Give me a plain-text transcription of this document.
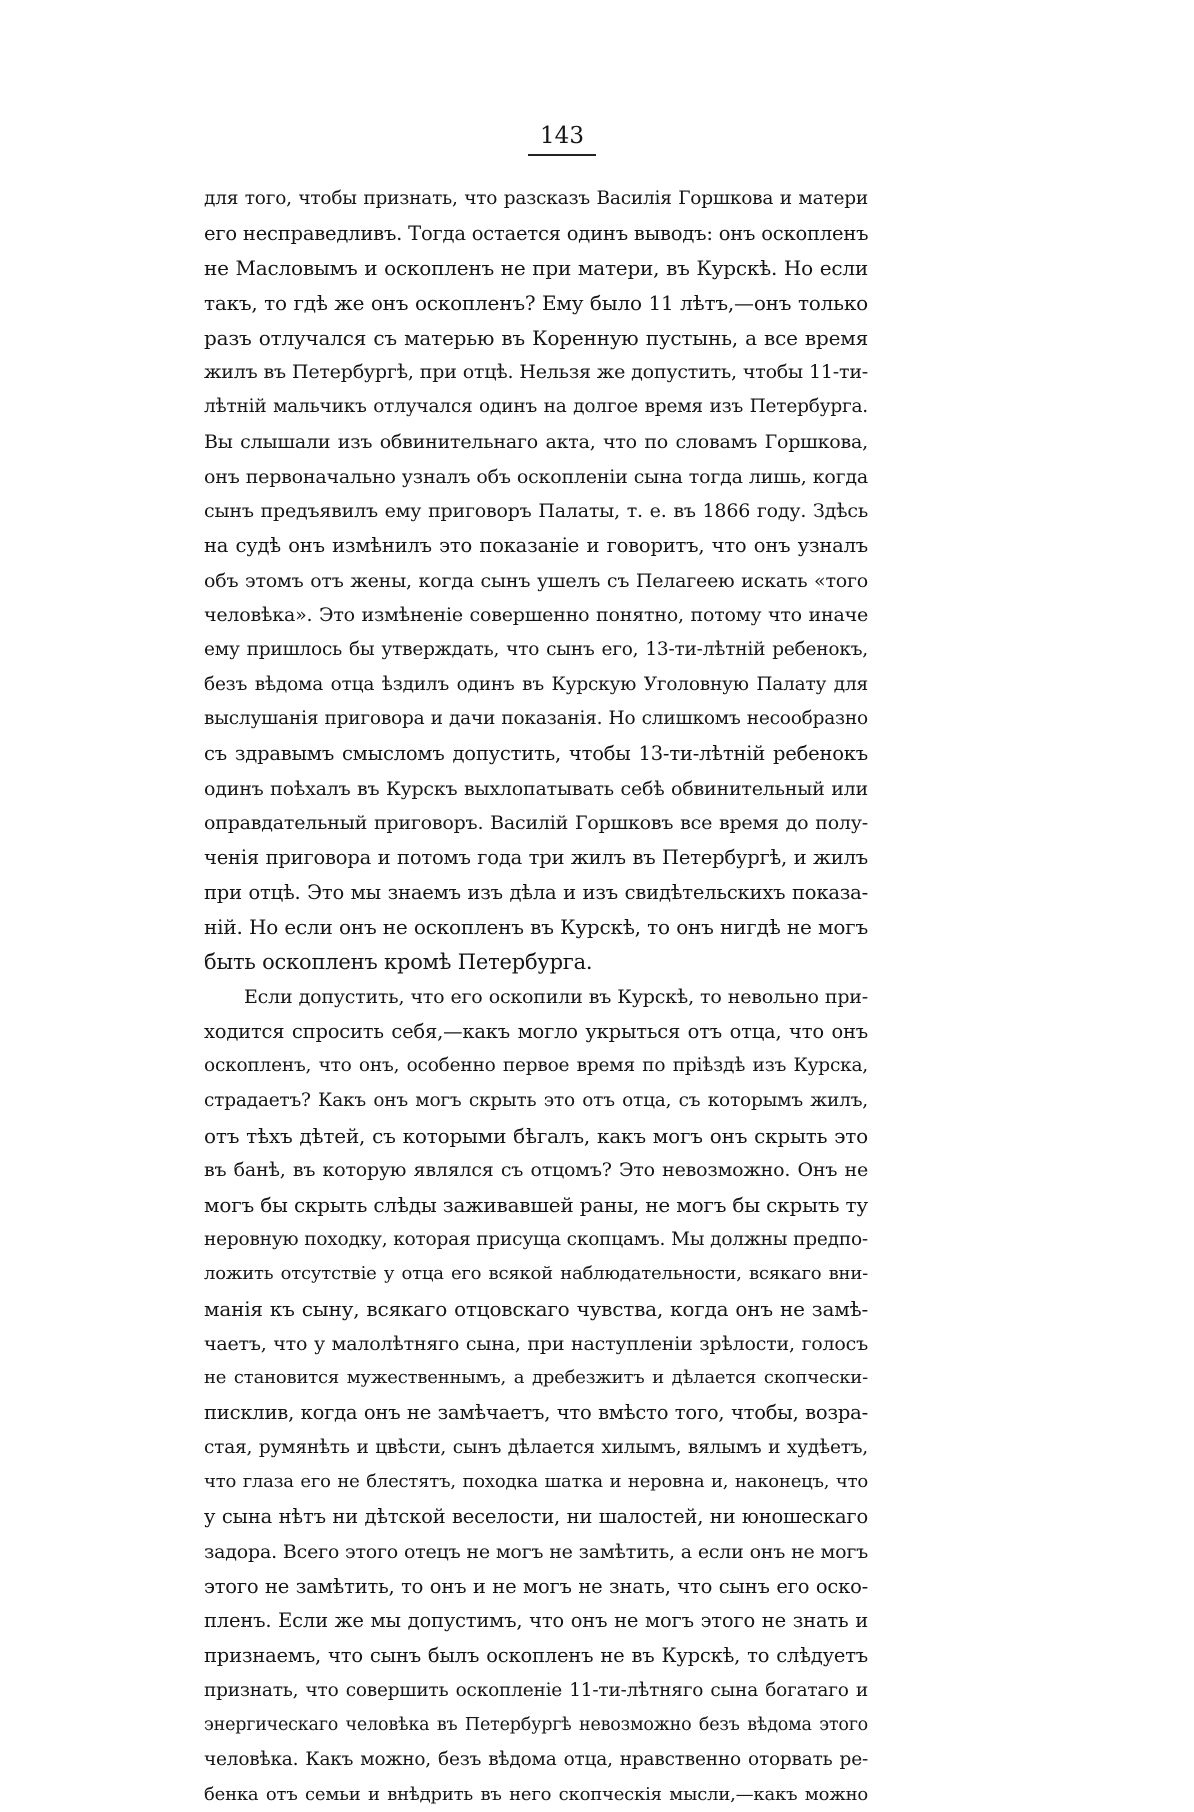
143
для того, чтобы признать, что разсказъ Василія Горшкова и матери
его несправедливъ. Тогда остается одинъ выводъ: онъ оскопленъ
не Масловымъ и оскопленъ не при матери, въ Курскѣ. Но если
такъ, то гдѣ же онъ оскопленъ? Ему было 11 лѣтъ,—онъ только
разъ отлучался съ матерью въ Коренную пустынь, а все время
жилъ въ Петербургѣ, при отцѣ. Нельзя же допустить, чтобы 11-ти-
лѣтній мальчикъ отлучался одинъ на долгое время изъ Петербурга.
Вы слышали изъ обвинительнаго акта, что по словамъ Горшкова,
онъ первоначально узналъ объ оскопленіи сына тогда лишь, когда
сынъ предъявилъ ему приговоръ Палаты, т. е. въ 1866 году. Здѣсь
на судѣ онъ измѣнилъ это показаніе и говоритъ, что онъ узналъ
объ этомъ отъ жены, когда сынъ ушелъ съ Пелагеею искать «того
человѣка». Это измѣненіе совершенно понятно, потому что иначе
ему пришлось бы утверждать, что сынъ его, 13-ти-лѣтній ребенокъ,
безъ вѣдома отца ѣздилъ одинъ въ Курскую Уголовную Палату для
выслушанія приговора и дачи показанія. Но слишкомъ несообразно
съ здравымъ смысломъ допустить, чтобы 13-ти-лѣтній ребенокъ
одинъ поѣхалъ въ Курскъ выхлопатывать себѣ обвинительный или
оправдательный приговоръ. Василій Горшковъ все время до полу-
ченія приговора и потомъ года три жилъ въ Петербургѣ, и жилъ
при отцѣ. Это мы знаемъ изъ дѣла и изъ свидѣтельскихъ показа-
ній. Но если онъ не оскопленъ въ Курскѣ, то онъ нигдѣ не могъ
быть оскопленъ кромѣ Петербурга.
Если допустить, что его оскопили въ Курскѣ, то невольно при-
ходится спросить себя,—какъ могло укрыться отъ отца, что онъ
оскопленъ, что онъ, особенно первое время по пріѣздѣ изъ Курска,
страдаетъ? Какъ онъ могъ скрыть это отъ отца, съ которымъ жилъ,
отъ тѣхъ дѣтей, съ которыми бѣгалъ, какъ могъ онъ скрыть это
въ банѣ, въ которую являлся съ отцомъ? Это невозможно. Онъ не
могъ бы скрыть слѣды заживавшей раны, не могъ бы скрыть ту
неровную походку, которая присуща скопцамъ. Мы должны предпо-
ложить отсутствіе у отца его всякой наблюдательности, всякаго вни-
манія къ сыну, всякаго отцовскаго чувства, когда онъ не замѣ-
чаетъ, что у малолѣтняго сына, при наступленіи зрѣлости, голосъ
не становится мужественнымъ, а дребезжитъ и дѣлается скопчески-
писклив, когда онъ не замѣчаетъ, что вмѣсто того, чтобы, возра-
стая, румянѣть и цвѣсти, сынъ дѣлается хилымъ, вялымъ и худѣетъ,
что глаза его не блестятъ, походка шатка и неровна и, наконецъ, что
у сына нѣтъ ни дѣтской веселости, ни шалостей, ни юношескаго
задора. Всего этого отецъ не могъ не замѣтить, а если онъ не могъ
этого не замѣтить, то онъ и не могъ не знать, что сынъ его оско-
пленъ. Если же мы допустимъ, что онъ не могъ этого не знать и
признаемъ, что сынъ былъ оскопленъ не въ Курскѣ, то слѣдуетъ
признать, что совершить оскопленіе 11-ти-лѣтняго сына богатаго и
энергическаго человѣка въ Петербургѣ невозможно безъ вѣдома этого
человѣка. Какъ можно, безъ вѣдома отца, нравственно оторвать ре-
бенка отъ семьи и внѣдрить въ него скопческія мысли,—какъ можно
